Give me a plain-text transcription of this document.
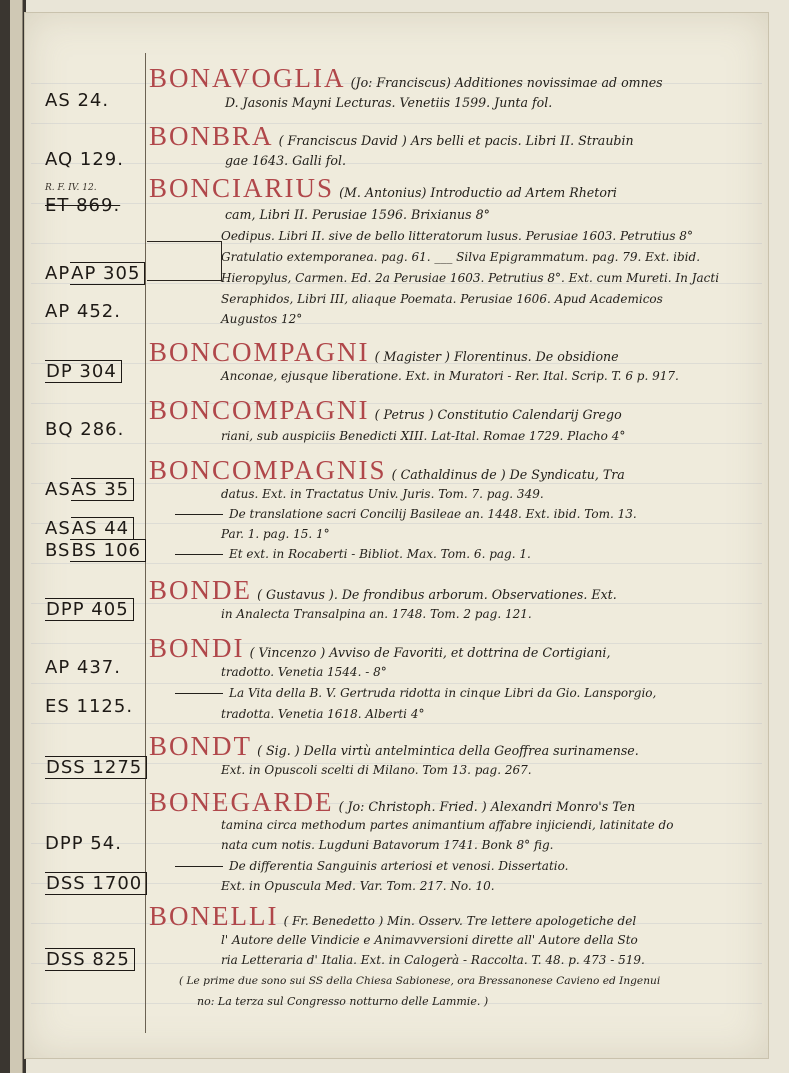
AS 24.
BONAVOGLIA (Jo: Franciscus) Additiones novissimae ad omnes
D. Jasonis Mayni Lecturas. Venetiis 1599. Junta fol.
AQ 129.
BONBRA ( Franciscus David ) Ars belli et pacis. Libri II. Straubin
gae 1643. Galli fol.
R. F. IV. 12.
ET 869.
BONCIARIUS (M. Antonius) Introductio ad Artem Rhetori
cam, Libri II. Perusiae 1596. Brixianus 8°
Oedipus. Libri II. sive de bello litteratorum lusus. Perusiae 1603. Petrutius 8°
Gratulatio extemporanea. pag. 61. ___ Silva Epigrammatum. pag. 79. Ext. ibid.
Hieropylus, Carmen. Ed. 2a Perusiae 1603. Petrutius 8°. Ext. cum Mureti. In Jacti
Seraphidos, Libri III, aliaque Poemata. Perusiae 1606. Apud Academicos
Augustos 12°
APAP 305
AP 452.
DP 304
BONCOMPAGNI ( Magister ) Florentinus. De obsidione
Anconae, ejusque liberatione. Ext. in Muratori - Rer. Ital. Scrip. T. 6 p. 917.
BQ 286.
BONCOMPAGNI ( Petrus ) Constitutio Calendarij Grego
riani, sub auspiciis Benedicti XIII. Lat-Ital. Romae 1729. Placho 4°
BONCOMPAGNIS ( Cathaldinus de ) De Syndicatu, Tra
ASAS 35	datus. Ext. in Tractatus Univ. Juris. Tom. 7. pag. 349.
De translatione sacri Concilij Basileae an. 1448. Ext. ibid. Tom. 13.
ASAS 44	Par. 1. pag. 15. 1°
BSBS 106	Et ext. in Rocaberti - Bibliot. Max. Tom. 6. pag. 1.
BONDE ( Gustavus ). De frondibus arborum. Observationes. Ext.
DPP 405	in Analecta Transalpina an. 1748. Tom. 2 pag. 121.
BONDI ( Vincenzo ) Avviso de Favoriti, et dottrina de Cortigiani,
AP 437.	tradotto. Venetia 1544. - 8°
La Vita della B. V. Gertruda ridotta in cinque Libri da Gio. Lansporgio,
ES 1125.	tradotta. Venetia 1618. Alberti 4°
BONDT ( Sig. ) Della virtù antelmintica della Geoffrea surinamense.
DSS 1275	Ext. in Opuscoli scelti di Milano. Tom 13. pag. 267.
BONEGARDE ( Jo: Christoph. Fried. ) Alexandri Monro's Ten
tamina circa methodum partes animantium affabre injiciendi, latinitate do
DPP 54.	nata cum notis. Lugduni Batavorum 1741. Bonk 8° fig.
De differentia Sanguinis arteriosi et venosi. Dissertatio.
DSS 1700	Ext. in Opuscula Med. Var. Tom. 217. No. 10.
BONELLI ( Fr. Benedetto ) Min. Osserv. Tre lettere apologetiche del
l' Autore delle Vindicie e Animavversioni dirette all' Autore della Sto
DSS 825	ria Letteraria d' Italia. Ext. in Calogerà - Raccolta. T. 48. p. 473 - 519.
( Le prime due sono sui SS della Chiesa Sabionese, ora Bressanonese Cavieno ed Ingenui
no: La terza sul Congresso notturno delle Lammie. )
